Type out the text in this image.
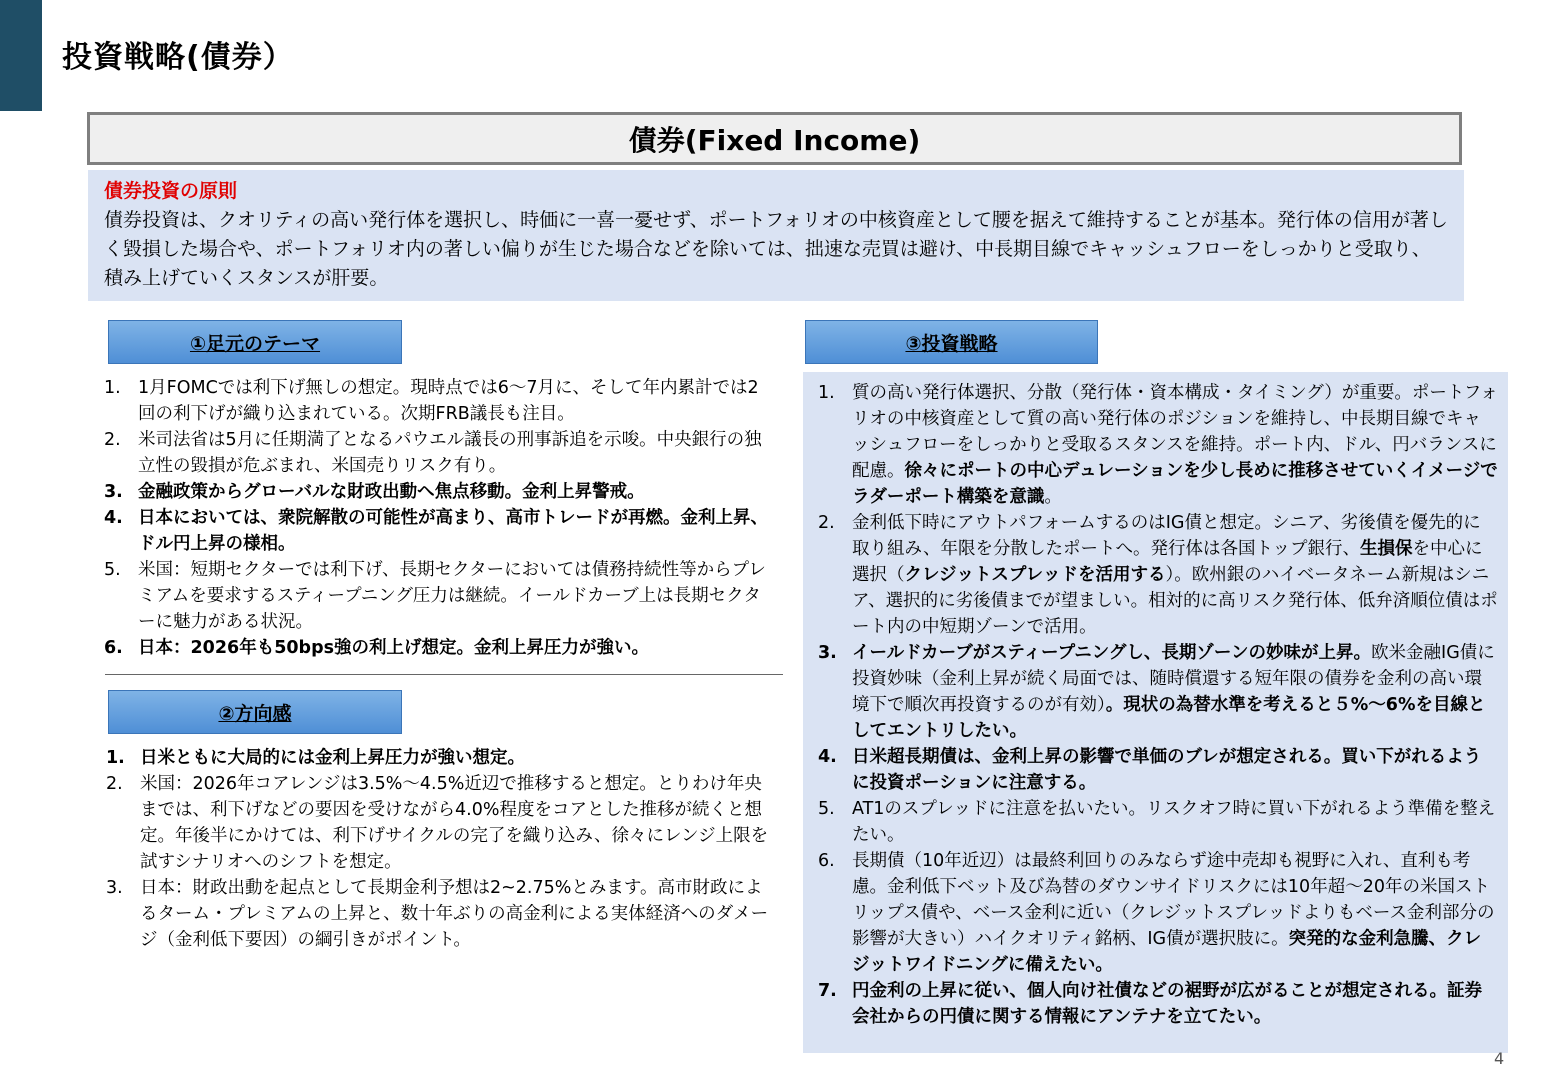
投資戦略(債券）
債券(Fixed Income)
債券投資の原則
債券投資は、クオリティの高い発行体を選択し、時価に一喜一憂せず、ポートフォリオの中核資産として腰を据えて維持することが基本。発行体の信用が著しく毀損した場合や、ポートフォリオ内の著しい偏りが生じた場合などを除いては、拙速な売買は避け、中長期目線でキャッシュフローをしっかりと受取り、積み上げていくスタンスが肝要。
①足元のテーマ
1. 1月FOMCでは利下げ無しの想定。現時点では6～7月に、そして年内累計では2回の利下げが織り込まれている。次期FRB議長も注目。
2. 米司法省は5月に任期満了となるパウエル議長の刑事訴追を示唆。中央銀行の独立性の毀損が危ぶまれ、米国売りリスク有り。
3. 金融政策からグローバルな財政出動へ焦点移動。金利上昇警戒。
4. 日本においては、衆院解散の可能性が高まり、高市トレードが再燃。金利上昇、ドル円上昇の様相。
5. 米国：短期セクターでは利下げ、長期セクターにおいては債務持続性等からプレミアムを要求するスティープニング圧力は継続。イールドカーブ上は長期セクターに魅力がある状況。
6. 日本：2026年も50bps強の利上げ想定。金利上昇圧力が強い。
②方向感
1. 日米ともに大局的には金利上昇圧力が強い想定。
2. 米国：2026年コアレンジは3.5%～4.5%近辺で推移すると想定。とりわけ年央までは、利下げなどの要因を受けながら4.0%程度をコアとした推移が続くと想定。年後半にかけては、利下げサイクルの完了を織り込み、徐々にレンジ上限を試すシナリオへのシフトを想定。
3. 日本：財政出動を起点として長期金利予想は2~2.75%とみます。高市財政によるターム・プレミアムの上昇と、数十年ぶりの高金利による実体経済へのダメージ（金利低下要因）の綱引きがポイント。
③投資戦略
1. 質の高い発行体選択、分散（発行体・資本構成・タイミング）が重要。ポートフォリオの中核資産として質の高い発行体のポジションを維持し、中長期目線でキャッシュフローをしっかりと受取るスタンスを維持。ポート内、ドル、円バランスに配慮。徐々にポートの中心デュレーションを少し長めに推移させていくイメージでラダーポート構築を意識。
2. 金利低下時にアウトパフォームするのはIG債と想定。シニア、劣後債を優先的に取り組み、年限を分散したポートへ。発行体は各国トップ銀行、生損保を中心に選択（クレジットスプレッドを活用する）。欧州銀のハイベータネーム新規はシニア、選択的に劣後債までが望ましい。相対的に高リスク発行体、低弁済順位債はポート内の中短期ゾーンで活用。
3. イールドカーブがスティープニングし、長期ゾーンの妙味が上昇。欧米金融IG債に投資妙味（金利上昇が続く局面では、随時償還する短年限の債券を金利の高い環境下で順次再投資するのが有効）。現状の為替水準を考えると５%～6%を目線としてエントリしたい。
4. 日米超長期債は、金利上昇の影響で単価のブレが想定される。買い下がれるように投資ポーションに注意する。
5. AT1のスプレッドに注意を払いたい。リスクオフ時に買い下がれるよう準備を整えたい。
6. 長期債（10年近辺）は最終利回りのみならず途中売却も視野に入れ、直利も考慮。金利低下ベット及び為替のダウンサイドリスクには10年超～20年の米国ストリップス債や、ベース金利に近い（クレジットスプレッドよりもベース金利部分の影響が大きい）ハイクオリティ銘柄、IG債が選択肢に。突発的な金利急騰、クレジットワイドニングに備えたい。
7. 円金利の上昇に従い、個人向け社債などの裾野が広がることが想定される。証券会社からの円債に関する情報にアンテナを立てたい。
4
